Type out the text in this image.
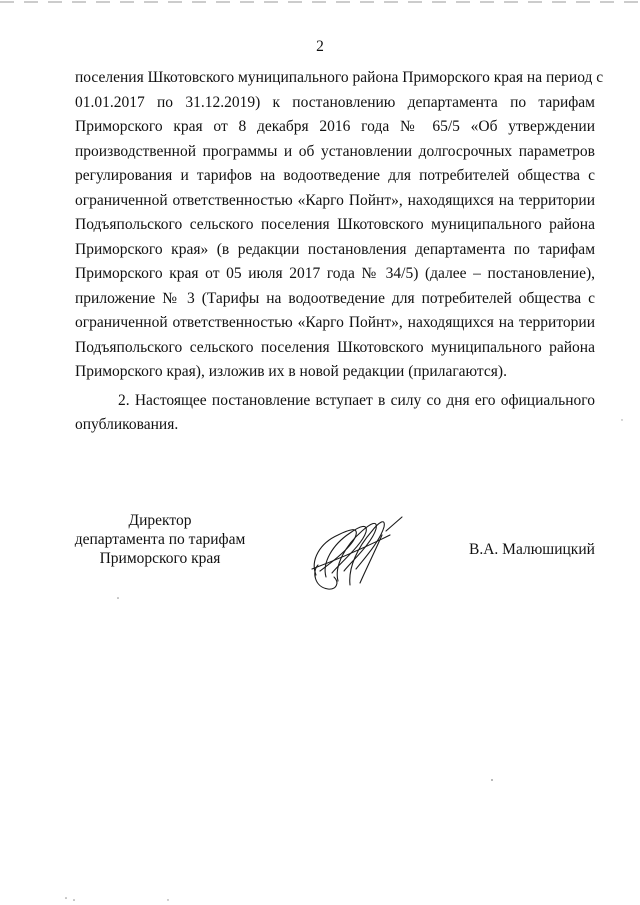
2
поселения Шкотовского муниципального района Приморского края на период с
01.01.2017 по 31.12.2019) к постановлению департамента по тарифам
Приморского края от 8 декабря 2016 года № 65/5 «Об утверждении
производственной программы и об установлении долгосрочных параметров
регулирования и тарифов на водоотведение для потребителей общества с
ограниченной ответственностью «Карго Пойнт», находящихся на территории
Подъяпольского сельского поселения Шкотовского муниципального района
Приморского края» (в редакции постановления департамента по тарифам
Приморского края от 05 июля 2017 года № 34/5) (далее – постановление),
приложение № 3 (Тарифы на водоотведение для потребителей общества с
ограниченной ответственностью «Карго Пойнт», находящихся на территории
Подъяпольского сельского поселения Шкотовского муниципального района
Приморского края), изложив их в новой редакции (прилагаются).
2. Настоящее постановление вступает в силу со дня его официального
опубликования.
Директор
департамента по тарифам
Приморского края
В.А. Малюшицкий
